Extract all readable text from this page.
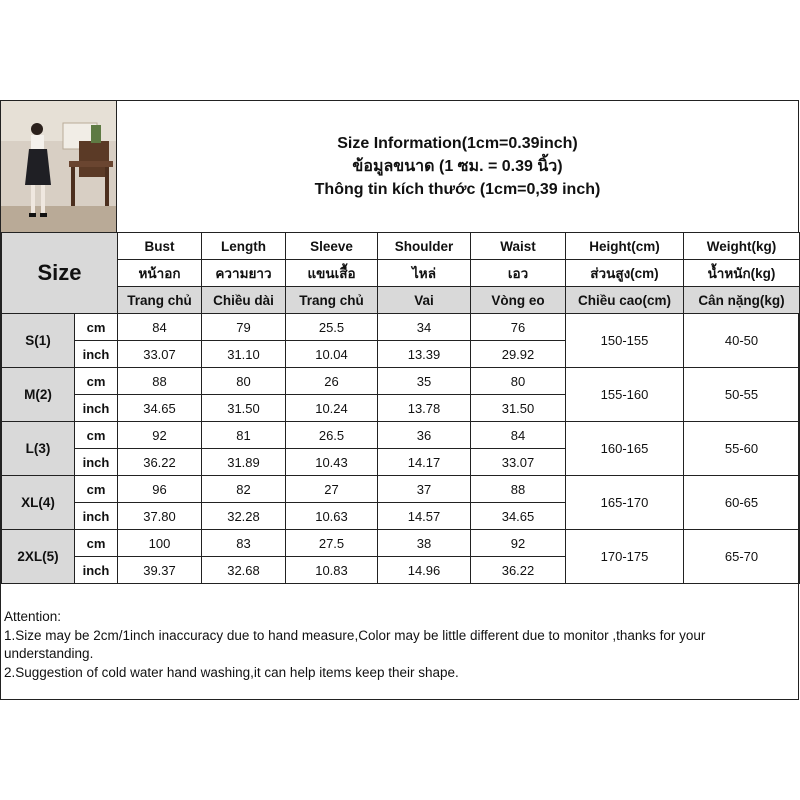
Size Information(1cm=0.39inch)
ข้อมูลขนาด (1 ซม. = 0.39 นิ้ว)
Thông tin kích thước (1cm=0,39 inch)
Size		Bust	Length	Sleeve	Shoulder	Waist	Height(cm)	Weight(kg)
		หน้าอก	ความยาว	แขนเสื้อ	ไหล่	เอว	ส่วนสูง(cm)	น้ำหนัก(kg)
		Trang chủ	Chiều dài	Trang chủ	Vai	Vòng eo	Chiều cao(cm)	Cân nặng(kg)
S(1)	cm	84	79	25.5	34	76	150-155	40-50
	inch	33.07	31.10	10.04	13.39	29.92		
M(2)	cm	88	80	26	35	80	155-160	50-55
	inch	34.65	31.50	10.24	13.78	31.50		
L(3)	cm	92	81	26.5	36	84	160-165	55-60
	inch	36.22	31.89	10.43	14.17	33.07		
XL(4)	cm	96	82	27	37	88	165-170	60-65
	inch	37.80	32.28	10.63	14.57	34.65		
2XL(5)	cm	100	83	27.5	38	92	170-175	65-70
	inch	39.37	32.68	10.83	14.96	36.22		
Attention:
1.Size may be 2cm/1inch inaccuracy due to hand measure,Color may be little different due to monitor ,thanks for your understanding.
2.Suggestion of cold water hand washing,it can help items keep their shape.
